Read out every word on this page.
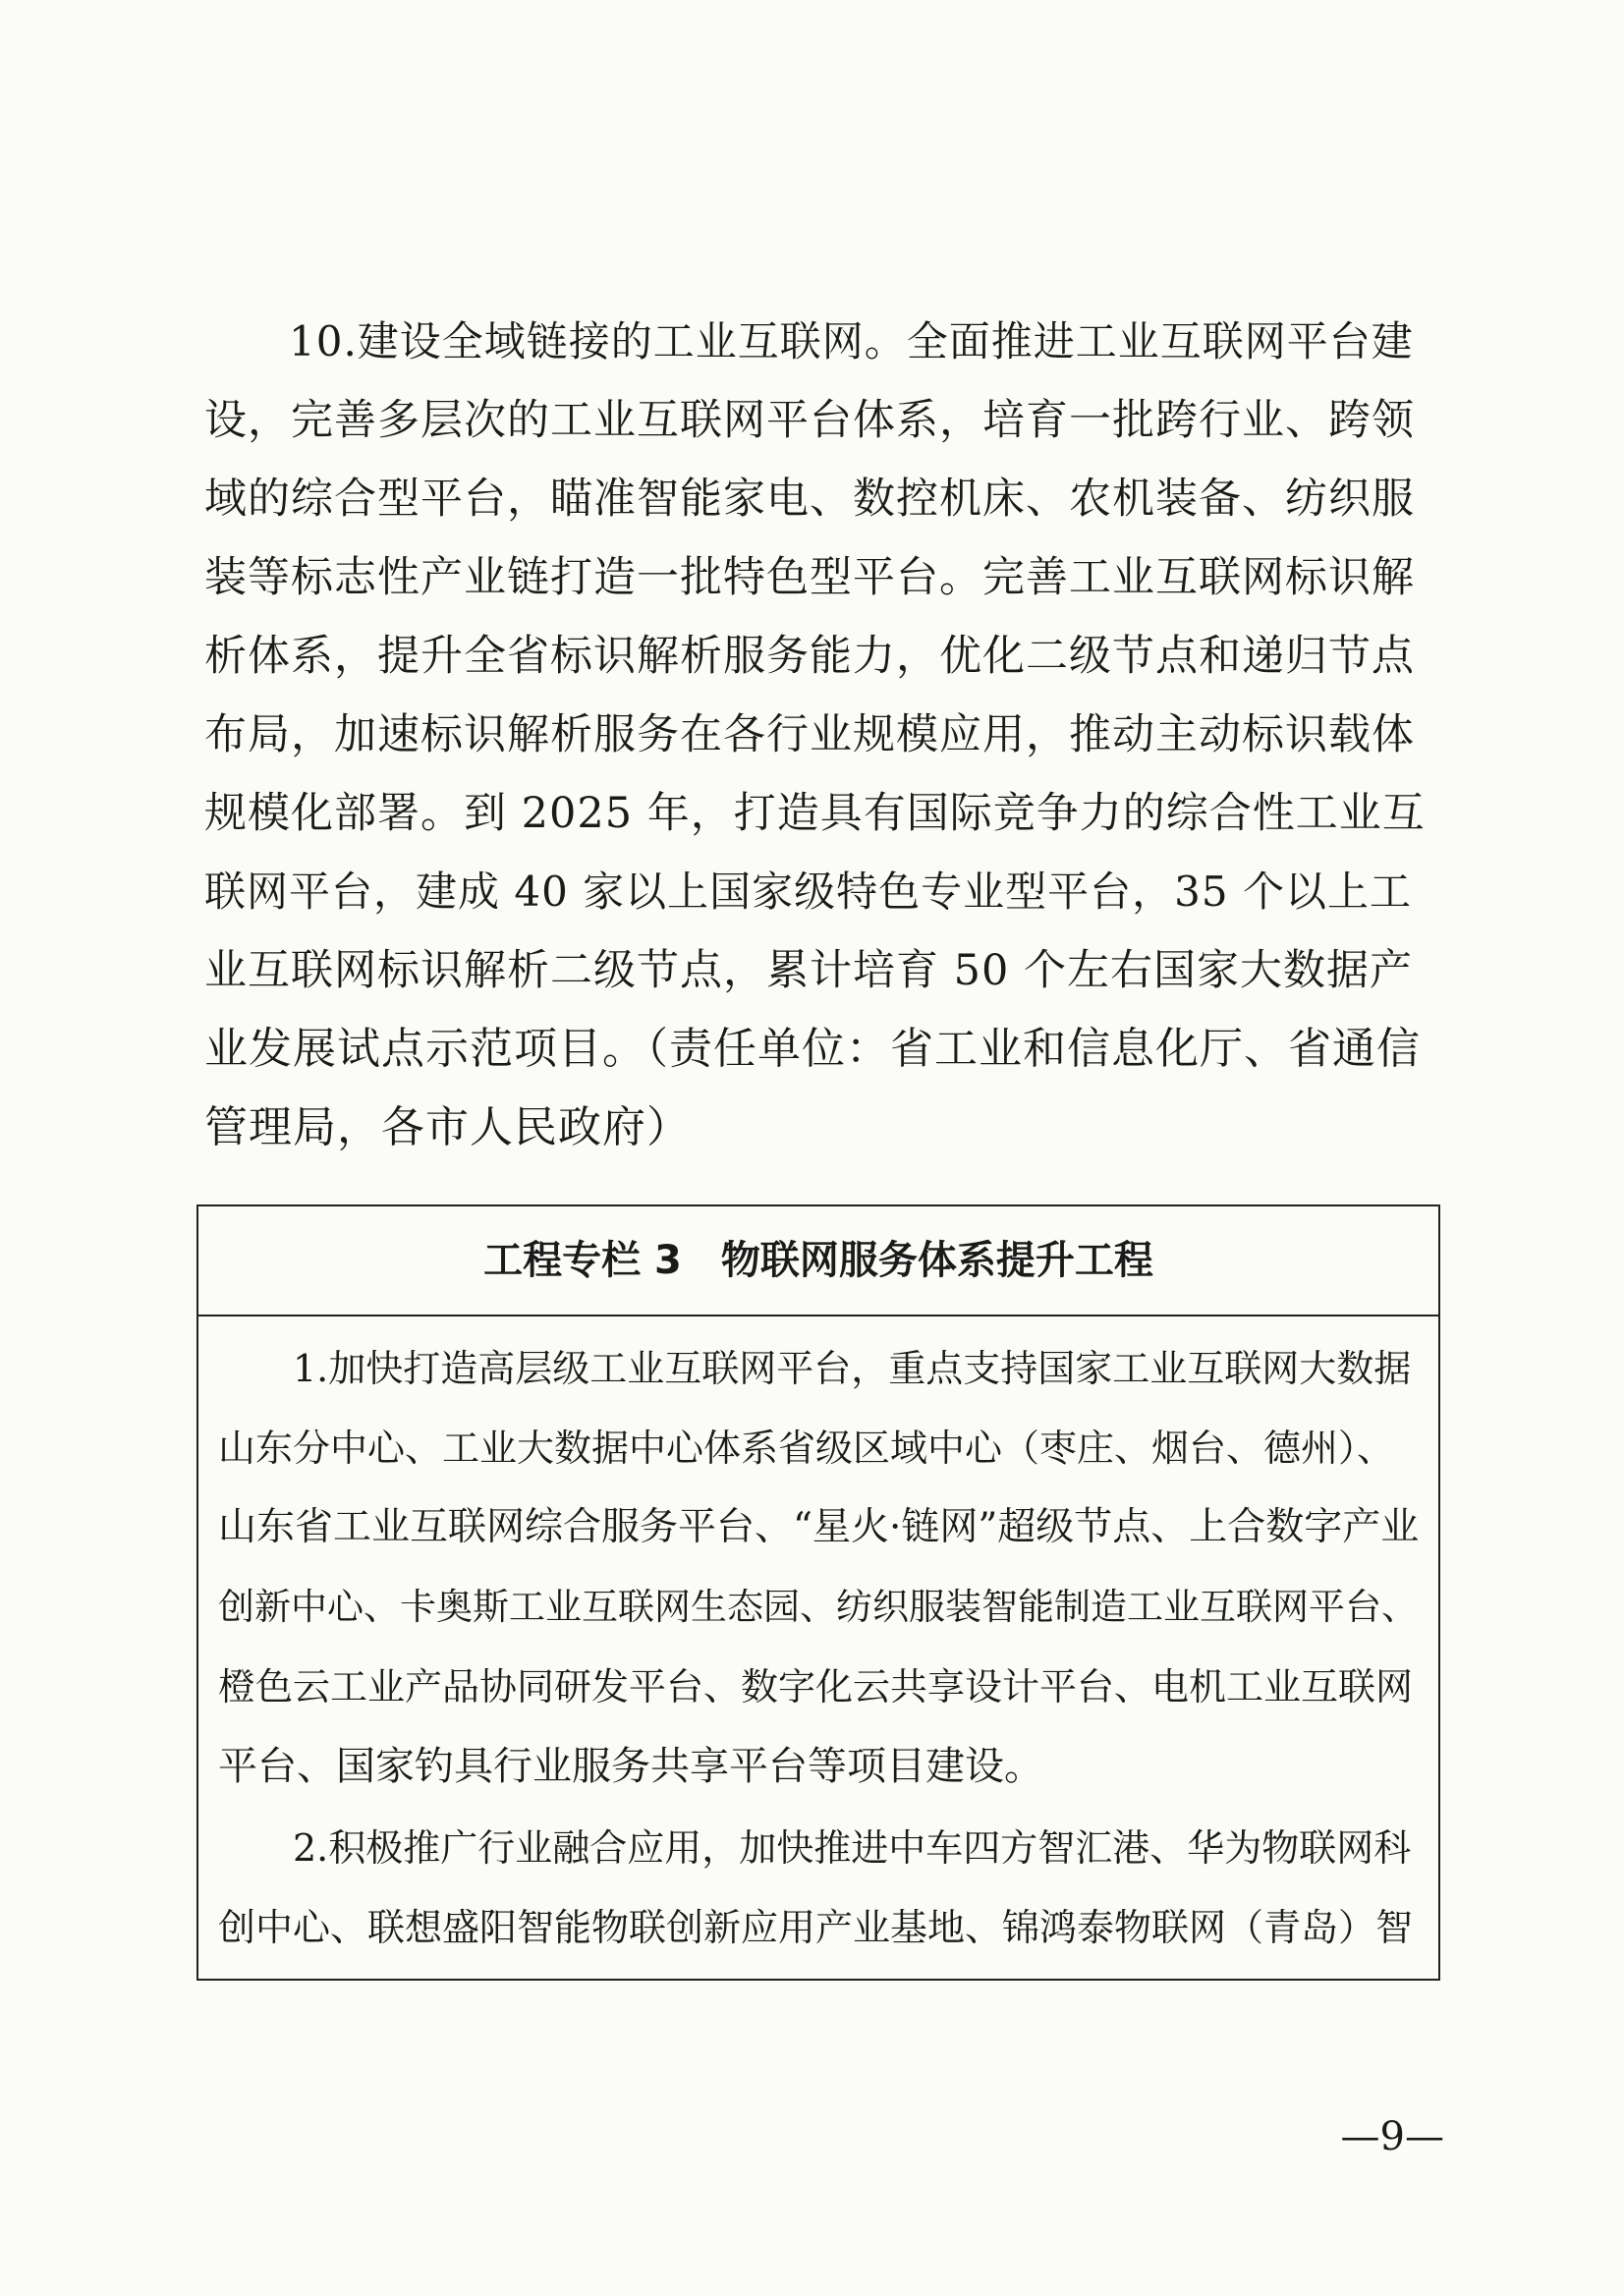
　　10.建设全域链接的工业互联网。全面推进工业互联网平台建
设，完善多层次的工业互联网平台体系，培育一批跨行业、跨领
域的综合型平台，瞄准智能家电、数控机床、农机装备、纺织服
装等标志性产业链打造一批特色型平台。完善工业互联网标识解
析体系，提升全省标识解析服务能力，优化二级节点和递归节点
布局，加速标识解析服务在各行业规模应用，推动主动标识载体
规模化部署。到 2025 年，打造具有国际竞争力的综合性工业互
联网平台，建成 40 家以上国家级特色专业型平台，35 个以上工
业互联网标识解析二级节点，累计培育 50 个左右国家大数据产
业发展试点示范项目。（责任单位：省工业和信息化厅、省通信
管理局，各市人民政府）
工程专栏 3　物联网服务体系提升工程
　　1.加快打造高层级工业互联网平台，重点支持国家工业互联网大数据
山东分中心、工业大数据中心体系省级区域中心（枣庄、烟台、德州）、
山东省工业互联网综合服务平台、“星火·链网”超级节点、上合数字产业
创新中心、卡奥斯工业互联网生态园、纺织服装智能制造工业互联网平台、
橙色云工业产品协同研发平台、数字化云共享设计平台、电机工业互联网
平台、国家钓具行业服务共享平台等项目建设。
　　2.积极推广行业融合应用，加快推进中车四方智汇港、华为物联网科
创中心、联想盛阳智能物联创新应用产业基地、锦鸿泰物联网（青岛）智
—9—
